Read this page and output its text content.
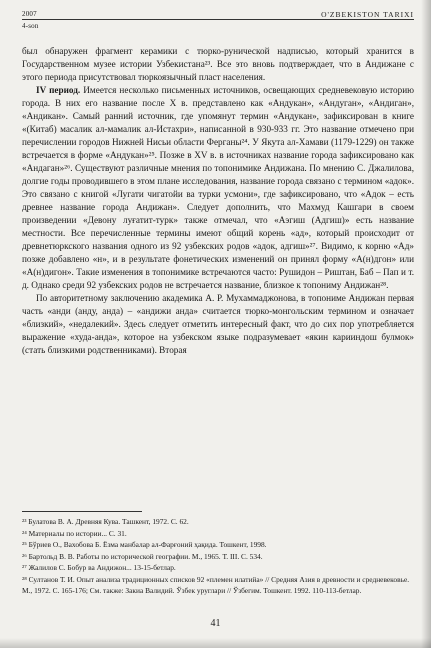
2007
4-son
O'ZBEKISTON TARIXI

был обнаружен фрагмент керамики с тюрко-рунической надписью, который хранится в Государственном музее истории Узбекистана²³. Все это вновь подтверждает, что в Андижане с этого периода присутствовал тюркоязычный пласт населения.

IV период. Имеется несколько письменных источников, освещающих средневековую историю города. В них его название после Х в. представлено как «Андукан», «Андуган», «Андиган», «Андикан». Самый ранний источник, где упомянут термин «Андукан», зафиксирован в книге «(Китаб) масалик ал-мамалик ал-Истахри», написанной в 930-933 гг. Это название отмечено при перечислении городов Нижней Нисьи области Ферганы²⁴. У Якута ал-Хамави (1179-1229) он также встречается в форме «Андукан»²⁵. Позже в XV в. в источниках название города зафиксировано как «Андаган»²⁶. Существуют различные мнения по топонимике Андижана. По мнению С. Джалилова, долгие годы проводившего в этом плане исследования, название города связано с термином «адок». Это связано с книгой «Лугати чигатойи ва турки усмони», где зафиксировано, что «Адок – есть древнее название города Андижан». Следует дополнить, что Махмуд Кашгари в своем произведении «Девону луғатит-турк» также отмечал, что «Аэгиш (Адгиш)» есть название местности. Все перечисленные термины имеют общий корень «ад», который происходит от древнетюркского названия одного из 92 узбекских родов «адок, адгиш»²⁷. Видимо, к корню «Ад» позже добавлено «н», и в результате фонетических изменений он принял форму «А(н)дгон» или «А(н)дигон». Такие изменения в топонимике встречаются часто: Рушидон – Риштан, Баб – Пап и т. д. Однако среди 92 узбекских родов не встречается название, близкое к топониму Андижан²⁸.

По авторитетному заключению академика А. Р. Мухаммаджонова, в топониме Андижан первая часть «анди (анду, анда) – «андижи анда» считается тюрко-монгольским термином и означает «близкий», «недалекий». Здесь следует отметить интересный факт, что до сих пор употребляется выражение «худа-анда», которое на узбекском языке подразумевает «якин карииндош булмок» (стать близкими родственниками). Вторая

²³ Булатова В. А. Древняя Кува. Ташкент, 1972. С. 62.

²⁴ Материалы по истории... С. 31.

²⁵ Бўриев О., Вахобова Б. Ёзма манбалар ал-Фарғоний ҳақида. Тошкент, 1998.

²⁶ Бартольд В. В. Работы по исторической географии. М., 1965. Т. III. С. 534.

²⁷ Жалилов С. Бобур ва Андижон... 13-15-бетлар.

²⁸ Султанов Т. И. Опыт анализа традиционных списков 92 «племен илатийа» // Средняя Азия в древности и средневековье. М., 1972. С. 165-176; См. также: Закиа Валидий. Ўзбек уруглари // Ўзбегим. Тошкент. 1992. 110-113-бетлар.

41
